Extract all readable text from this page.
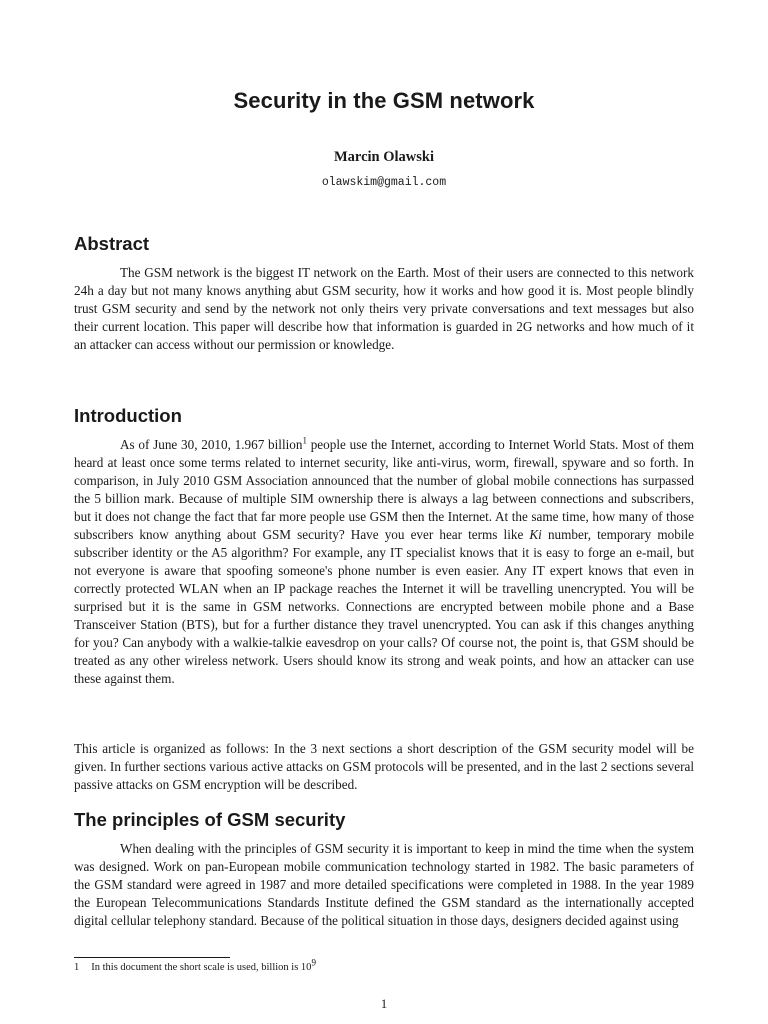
Security in the GSM network
Marcin Olawski
olawskim@gmail.com
Abstract

The GSM network is the biggest IT network on the Earth. Most of their users are connected to this network 24h a day but not many knows anything abut GSM security, how it works and how good it is. Most people blindly trust GSM security and send by the network not only theirs very private conversations and text messages but also their current location. This paper will describe how that information is guarded in 2G networks and how much of it an attacker can access without our permission or knowledge.

Introduction

As of June 30, 2010, 1.967 billion$^1$ people use the Internet, according to Internet World Stats. Most of them heard at least once some terms related to internet security, like anti-virus, worm, firewall, spyware and so forth. In comparison, in July 2010 GSM Association announced that the number of global mobile connections has surpassed the 5 billion mark. Because of multiple SIM ownership there is always a lag between connections and subscribers, but it does not change the fact that far more people use GSM then the Internet. At the same time, how many of those subscribers know anything about GSM security? Have you ever hear terms like Ki number, temporary mobile subscriber identity or the A5 algorithm? For example, any IT specialist knows that it is easy to forge an e-mail, but not everyone is aware that spoofing someone's phone number is even easier. Any IT expert knows that even in correctly protected WLAN when an IP package reaches the Internet it will be travelling unencrypted. You will be surprised but it is the same in GSM networks. Connections are encrypted between mobile phone and a Base Transceiver Station (BTS), but for a further distance they travel unencrypted. You can ask if this changes anything for you? Can anybody with a walkie-talkie eavesdrop on your calls? Of course not, the point is, that GSM should be treated as any other wireless network. Users should know its strong and weak points, and how an attacker can use these against them.

This article is organized as follows: In the 3 next sections a short description of the GSM security model will be given. In further sections various active attacks on GSM protocols will be presented, and in the last 2 sections several passive attacks on GSM encryption will be described.

The principles of GSM security

When dealing with the principles of GSM security it is important to keep in mind the time when the system was designed. Work on pan-European mobile communication technology started in 1982. The basic parameters of the GSM standard were agreed in 1987 and more detailed specifications were completed in 1988. In the year 1989 the European Telecommunications Standards Institute defined the GSM standard as the internationally accepted digital cellular telephony standard. Because of the political situation in those days, designers decided against using

1 In this document the short scale is used, billion is $10^9$
1
